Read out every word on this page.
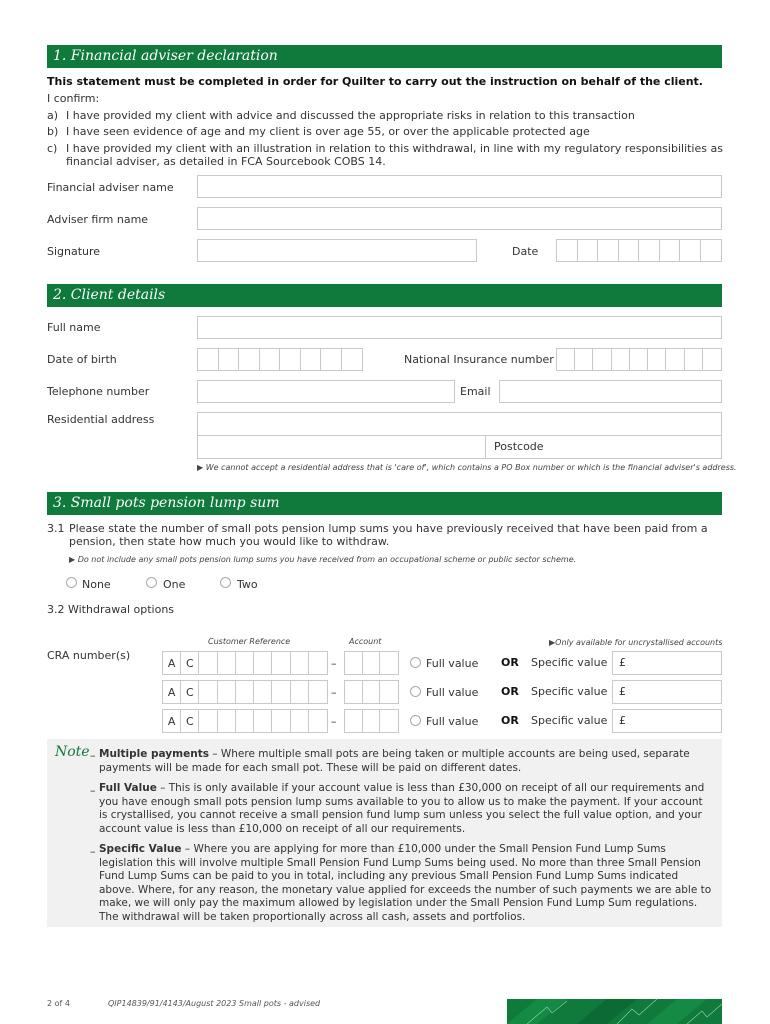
1. Financial adviser declaration
This statement must be completed in order for Quilter to carry out the instruction on behalf of the client.
I confirm:
a) I have provided my client with advice and discussed the appropriate risks in relation to this transaction
b) I have seen evidence of age and my client is over age 55, or over the applicable protected age
c) I have provided my client with an illustration in relation to this withdrawal, in line with my regulatory responsibilities as
financial adviser, as detailed in FCA Sourcebook COBS 14.
Financial adviser name
Adviser firm name
Signature	Date
2. Client details
Full name
Date of birth	National Insurance number
Telephone number	Email
Residential address
Postcode
▶ We cannot accept a residential address that is 'care of', which contains a PO Box number or which is the financial adviser's address.
3. Small pots pension lump sum
3.1 Please state the number of small pots pension lump sums you have previously received that have been paid from a
pension, then state how much you would like to withdraw.
▶ Do not include any small pots pension lump sums you have received from an occupational scheme or public sector scheme.
None	One	Two
3.2 Withdrawal options
Customer Reference	Account	▶Only available for uncrystallised accounts
CRA number(s)
A C	–	Full value OR Specific value £
A C	–	Full value OR Specific value £
A C	–	Full value OR Specific value £
Note – Multiple payments – Where multiple small pots are being taken or multiple accounts are being used, separate payments will be made for each small pot. These will be paid on different dates.
– Full Value – This is only available if your account value is less than £30,000 on receipt of all our requirements and you have enough small pots pension lump sums available to you to allow us to make the payment. If your account is crystallised, you cannot receive a small pension fund lump sum unless you select the full value option, and your account value is less than £10,000 on receipt of all our requirements.
– Specific Value – Where you are applying for more than £10,000 under the Small Pension Fund Lump Sums legislation this will involve multiple Small Pension Fund Lump Sums being used. No more than three Small Pension Fund Lump Sums can be paid to you in total, including any previous Small Pension Fund Lump Sums indicated above. Where, for any reason, the monetary value applied for exceeds the number of such payments we are able to make, we will only pay the maximum allowed by legislation under the Small Pension Fund Lump Sum regulations. The withdrawal will be taken proportionally across all cash, assets and portfolios.
2 of 4	QIP14839/91/4143/August 2023 Small pots - advised
